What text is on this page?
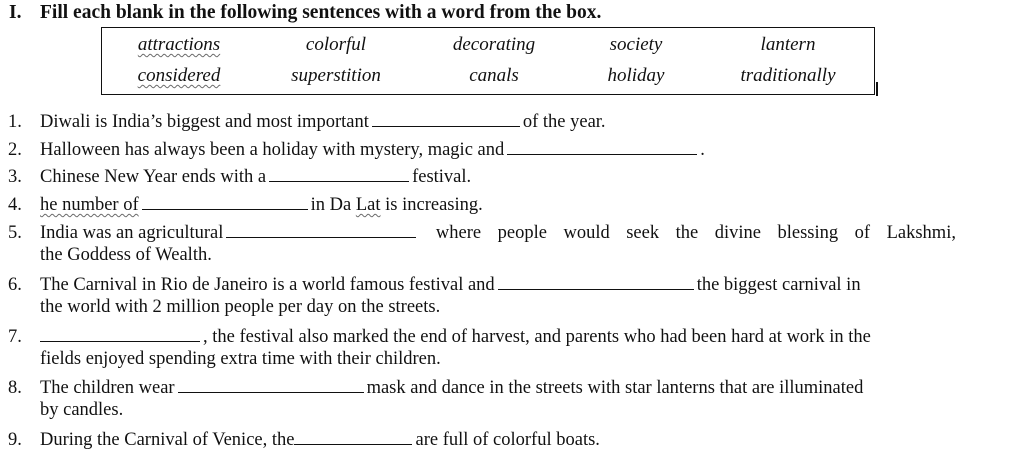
I. Fill each blank in the following sentences with a word from the box.
attractions	colorful	decorating	society	lantern
considered	superstition	canals	holiday	traditionally
1. Diwali is India’s biggest and most important	of the year.
2. Halloween has always been a holiday with mystery, magic and	.
3. Chinese New Year ends with a	festival.
4. he number of	in Da Lat is increasing.
5. India was an agricultural	where people would seek the divine blessing of Lakshmi,
the Goddess of Wealth.
6. The Carnival in Rio de Janeiro is a world famous festival and	the biggest carnival in
the world with 2 million people per day on the streets.
7.	, the festival also marked the end of harvest, and parents who had been hard at work in the
fields enjoyed spending extra time with their children.
8. The children wear	mask and dance in the streets with star lanterns that are illuminated
by candles.
9. During the Carnival of Venice, the	are full of colorful boats.
